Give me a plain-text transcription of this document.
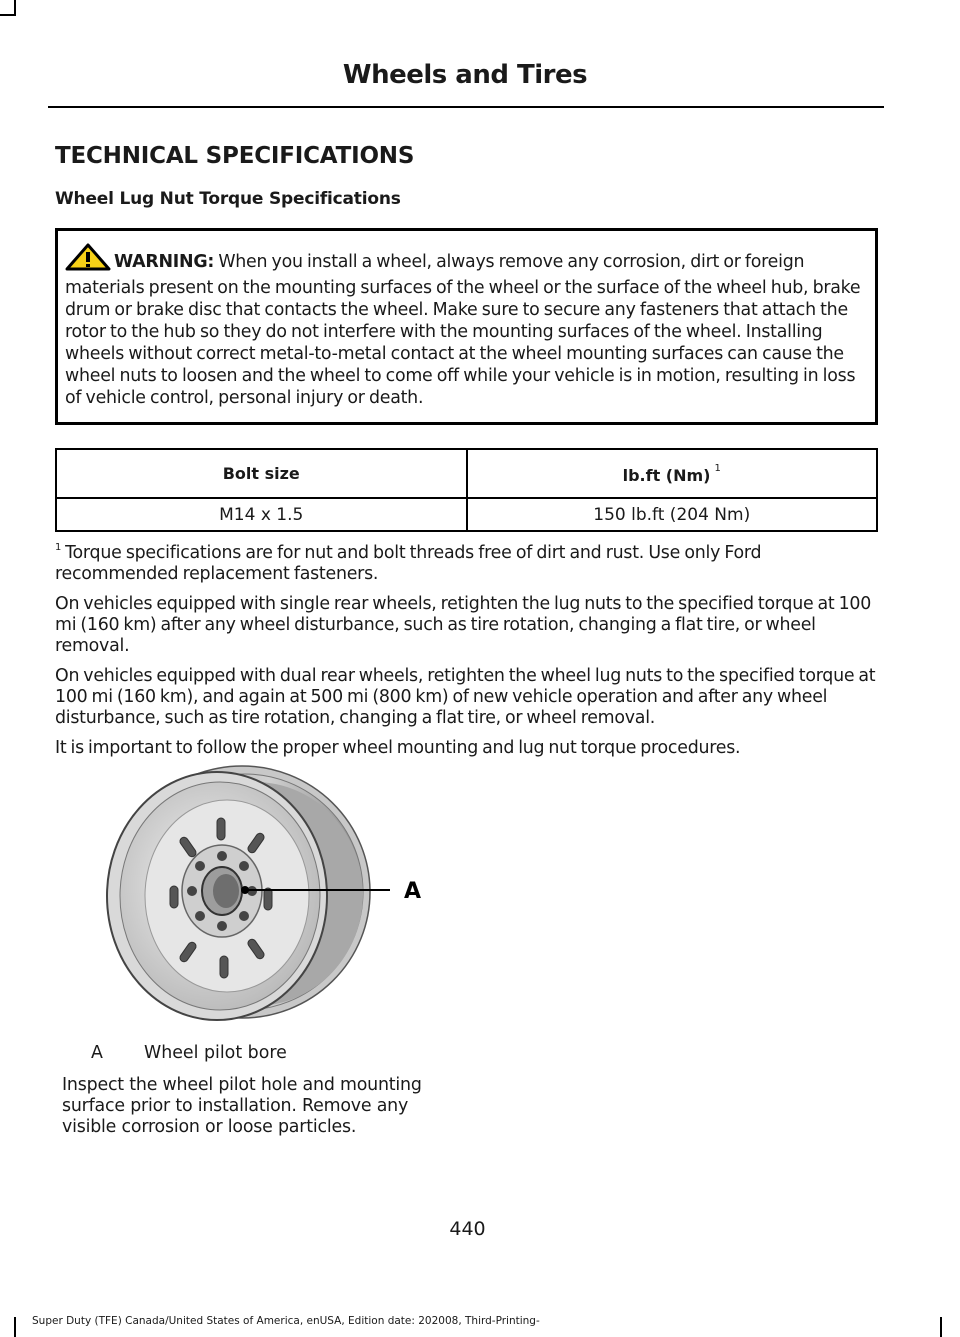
Wheels and Tires
TECHNICAL SPECIFICATIONS
Wheel Lug Nut Torque Specifications
WARNING: When you install a wheel, always remove any corrosion, dirt or foreign materials present on the mounting surfaces of the wheel or the surface of the wheel hub, brake drum or brake disc that contacts the wheel. Make sure to secure any fasteners that attach the rotor to the hub so they do not interfere with the mounting surfaces of the wheel. Installing wheels without correct metal-to-metal contact at the wheel mounting surfaces can cause the wheel nuts to loosen and the wheel to come off while your vehicle is in motion, resulting in loss of vehicle control, personal injury or death.
Bolt size	lb.ft (Nm) $^1$
M14 x 1.5	150 lb.ft (204 Nm)
$^1$ Torque specifications are for nut and bolt threads free of dirt and rust. Use only Ford recommended replacement fasteners.

On vehicles equipped with single rear wheels, retighten the lug nuts to the specified torque at 100 mi (160 km) after any wheel disturbance, such as tire rotation, changing a flat tire, or wheel removal.

On vehicles equipped with dual rear wheels, retighten the wheel lug nuts to the specified torque at 100 mi (160 km), and again at 500 mi (800 km) of new vehicle operation and after any wheel disturbance, such as tire rotation, changing a flat tire, or wheel removal.

It is important to follow the proper wheel mounting and lug nut torque procedures.

A
A Wheel pilot bore
Inspect the wheel pilot hole and mounting surface prior to installation. Remove any visible corrosion or loose particles.
440
Super Duty (TFE) Canada/United States of America, enUSA, Edition date: 202008, Third-Printing-
